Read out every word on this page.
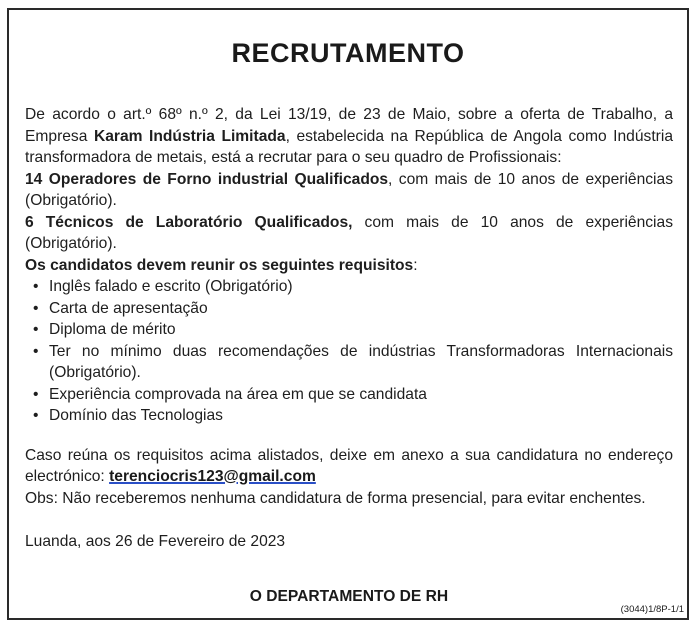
RECRUTAMENTO

De acordo o art.º 68º n.º 2, da Lei 13/19, de 23 de Maio, sobre a oferta de Trabalho, a Empresa Karam Indústria Limitada, estabelecida na República de Angola como Indústria transformadora de metais, está a recrutar para o seu quadro de Profissionais:

14 Operadores de Forno industrial Qualificados, com mais de 10 anos de experiências (Obrigatório).

6 Técnicos de Laboratório Qualificados, com mais de 10 anos de experiências (Obrigatório).

Os candidatos devem reunir os seguintes requisitos:

• Inglês falado e escrito (Obrigatório)
• Carta de apresentação
• Diploma de mérito
• Ter no mínimo duas recomendações de indústrias Transformadoras Internacionais (Obrigatório).
• Experiência comprovada na área em que se candidata
• Domínio das Tecnologias

Caso reúna os requisitos acima alistados, deixe em anexo a sua candidatura no endereço electrónico: terenciocris123@gmail.com

Obs: Não receberemos nenhuma candidatura de forma presencial, para evitar enchentes.

Luanda, aos 26 de Fevereiro de 2023

O DEPARTAMENTO DE RH
(3044)1/8P-1/1
